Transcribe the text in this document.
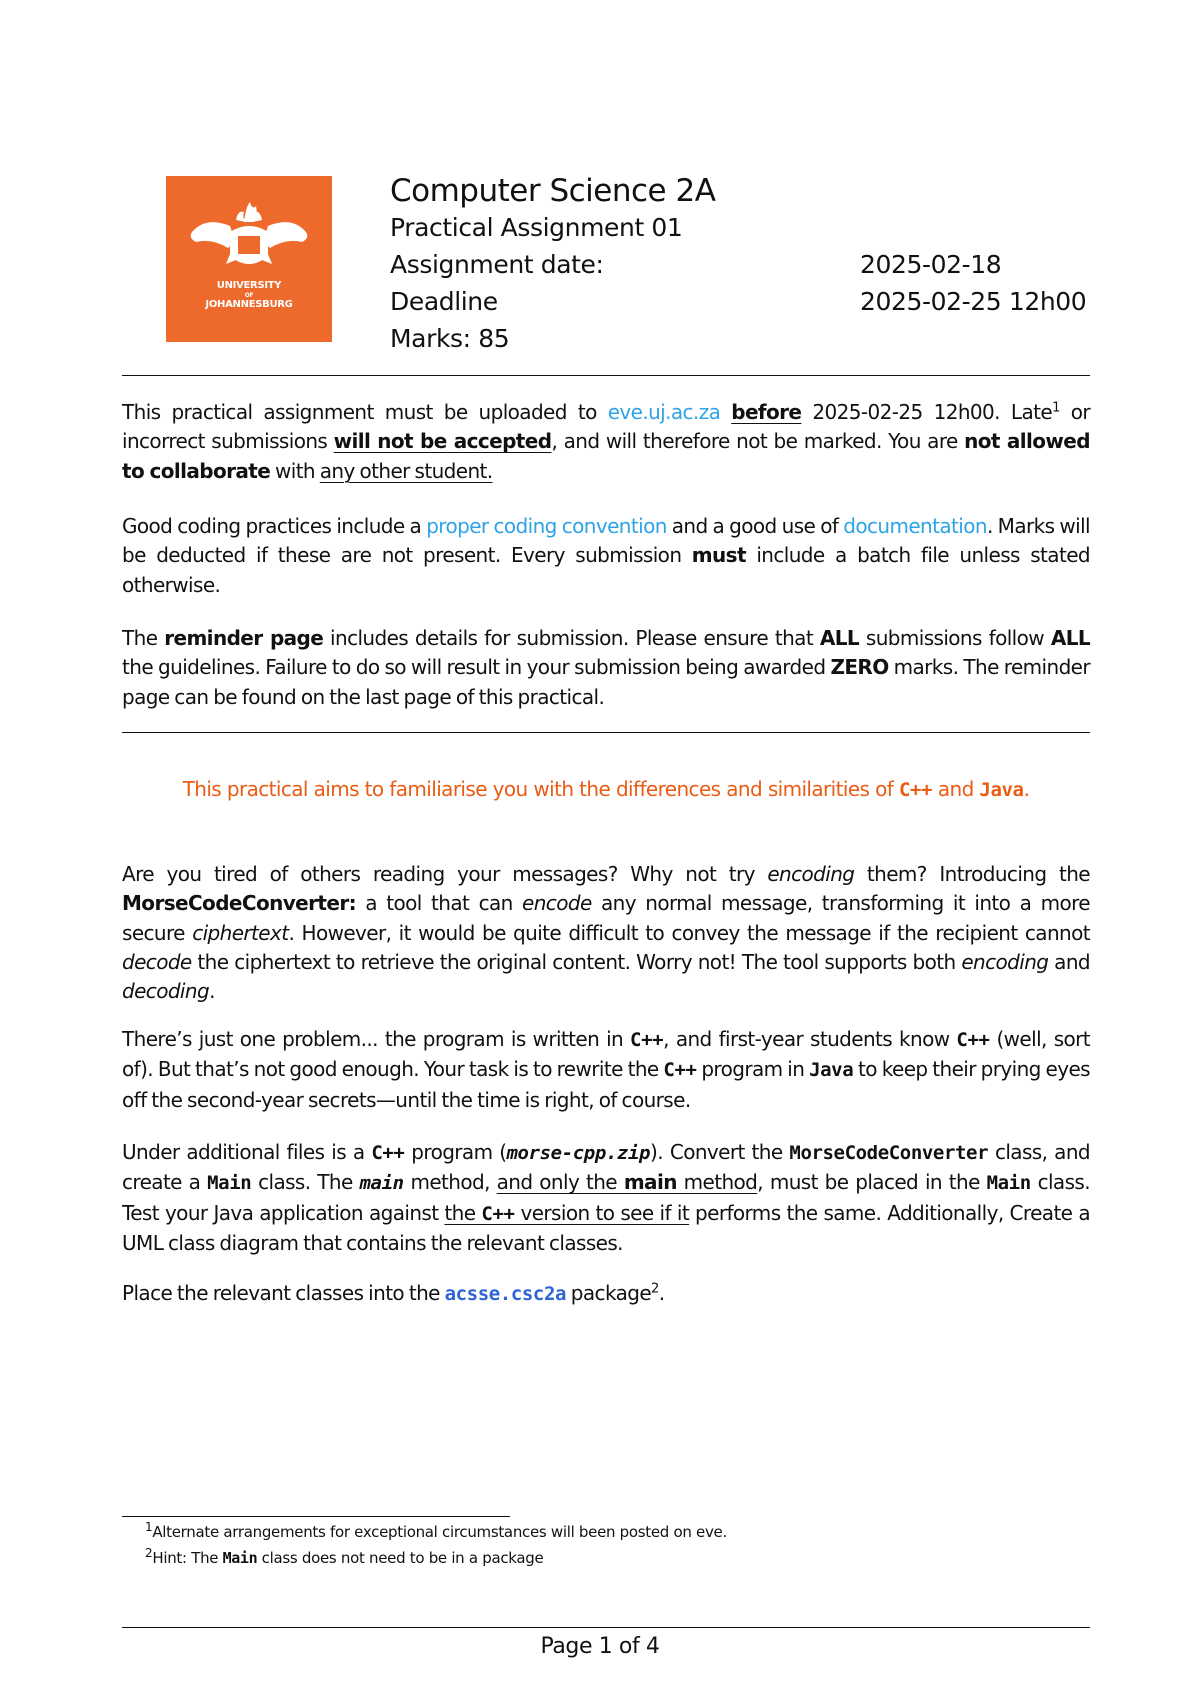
UNIVERSITY
OF
JOHANNESBURG
Computer Science 2A
Practical Assignment 01
Assignment date:	2025-02-18
Deadline	2025-02-25 12h00
Marks: 85
This practical assignment must be uploaded to eve.uj.ac.za before 2025-02-25 12h00. Late$^1$ or incorrect submissions will not be accepted, and will therefore not be marked. You are not allowed to collaborate with any other student.
Good coding practices include a proper coding convention and a good use of documentation. Marks will be deducted if these are not present. Every submission must include a batch file unless stated otherwise.
The reminder page includes details for submission. Please ensure that ALL submissions follow ALL the guidelines. Failure to do so will result in your submission being awarded ZERO marks. The reminder page can be found on the last page of this practical.
This practical aims to familiarise you with the differences and similarities of C++ and Java.
Are you tired of others reading your messages? Why not try encoding them? Introducing the MorseCodeConverter: a tool that can encode any normal message, transforming it into a more secure ciphertext. However, it would be quite difficult to convey the message if the recipient cannot decode the ciphertext to retrieve the original content. Worry not! The tool supports both encoding and decoding.
There’s just one problem... the program is written in C++, and first-year students know C++ (well, sort of). But that’s not good enough. Your task is to rewrite the C++ program in Java to keep their prying eyes off the second-year secrets—until the time is right, of course.
Under additional files is a C++ program (morse-cpp.zip). Convert the MorseCodeConverter class, and create a Main class. The main method, and only the main method, must be placed in the Main class. Test your Java application against the C++ version to see if it performs the same. Additionally, Create a UML class diagram that contains the relevant classes.
Place the relevant classes into the acsse.csc2a package$^2$.
$^1$Alternate arrangements for exceptional circumstances will been posted on eve.
$^2$Hint: The Main class does not need to be in a package
Page 1 of 4
